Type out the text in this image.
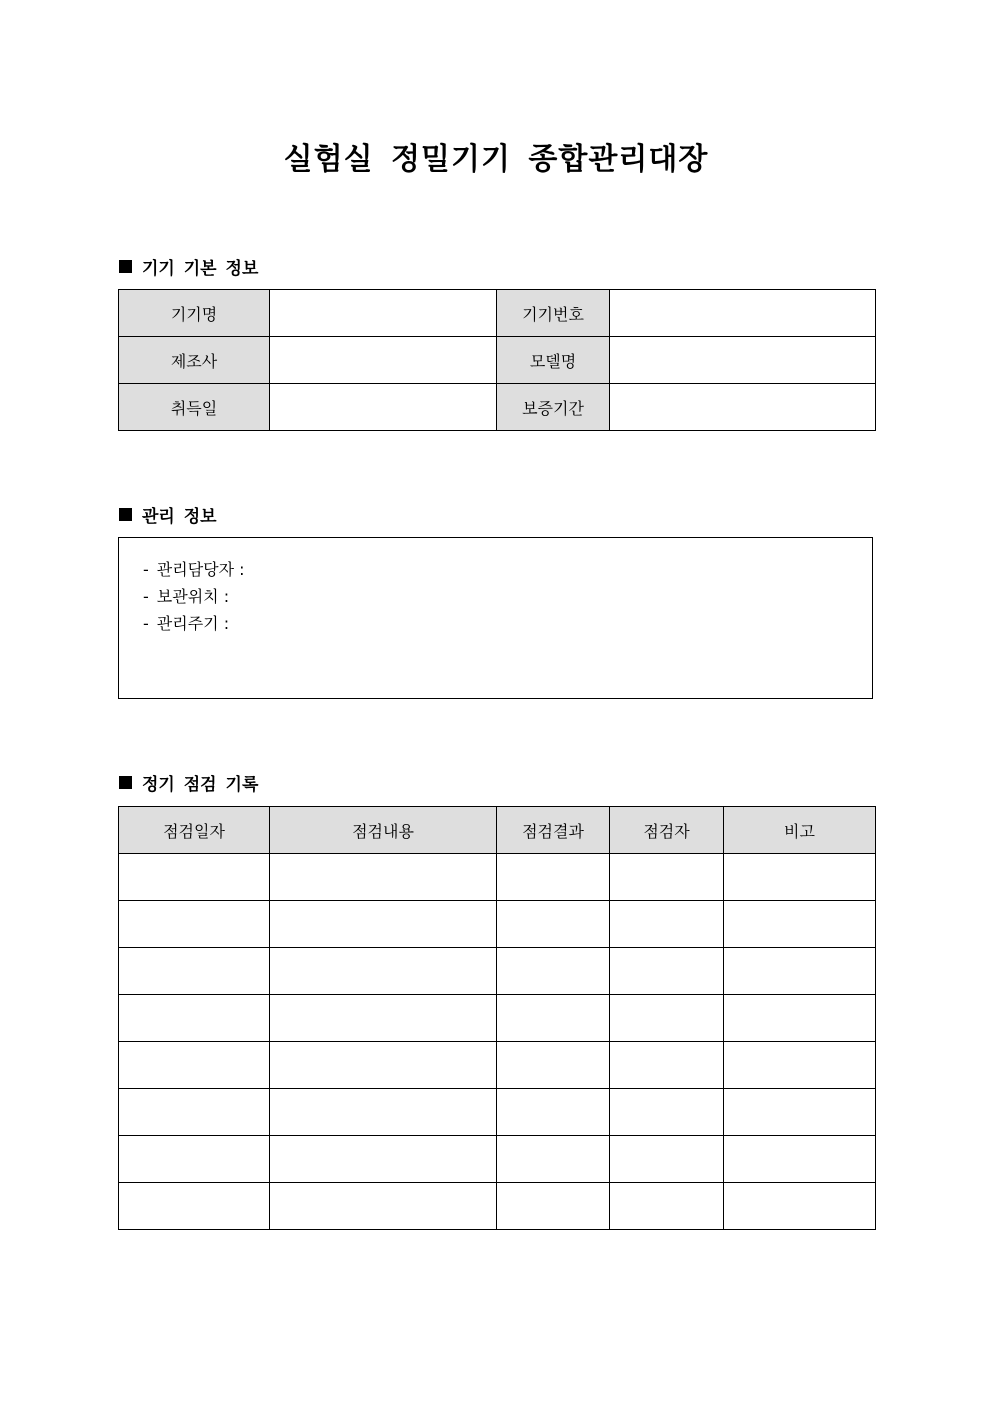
실험실 정밀기기 종합관리대장
기기 기본 정보
기기명		기기번호	
제조사		모델명	
취득일		보증기간	
관리 정보
- 관리담당자 :
- 보관위치 :
- 관리주기 :
정기 점검 기록
점검일자	점검내용	점검결과	점검자	비고
